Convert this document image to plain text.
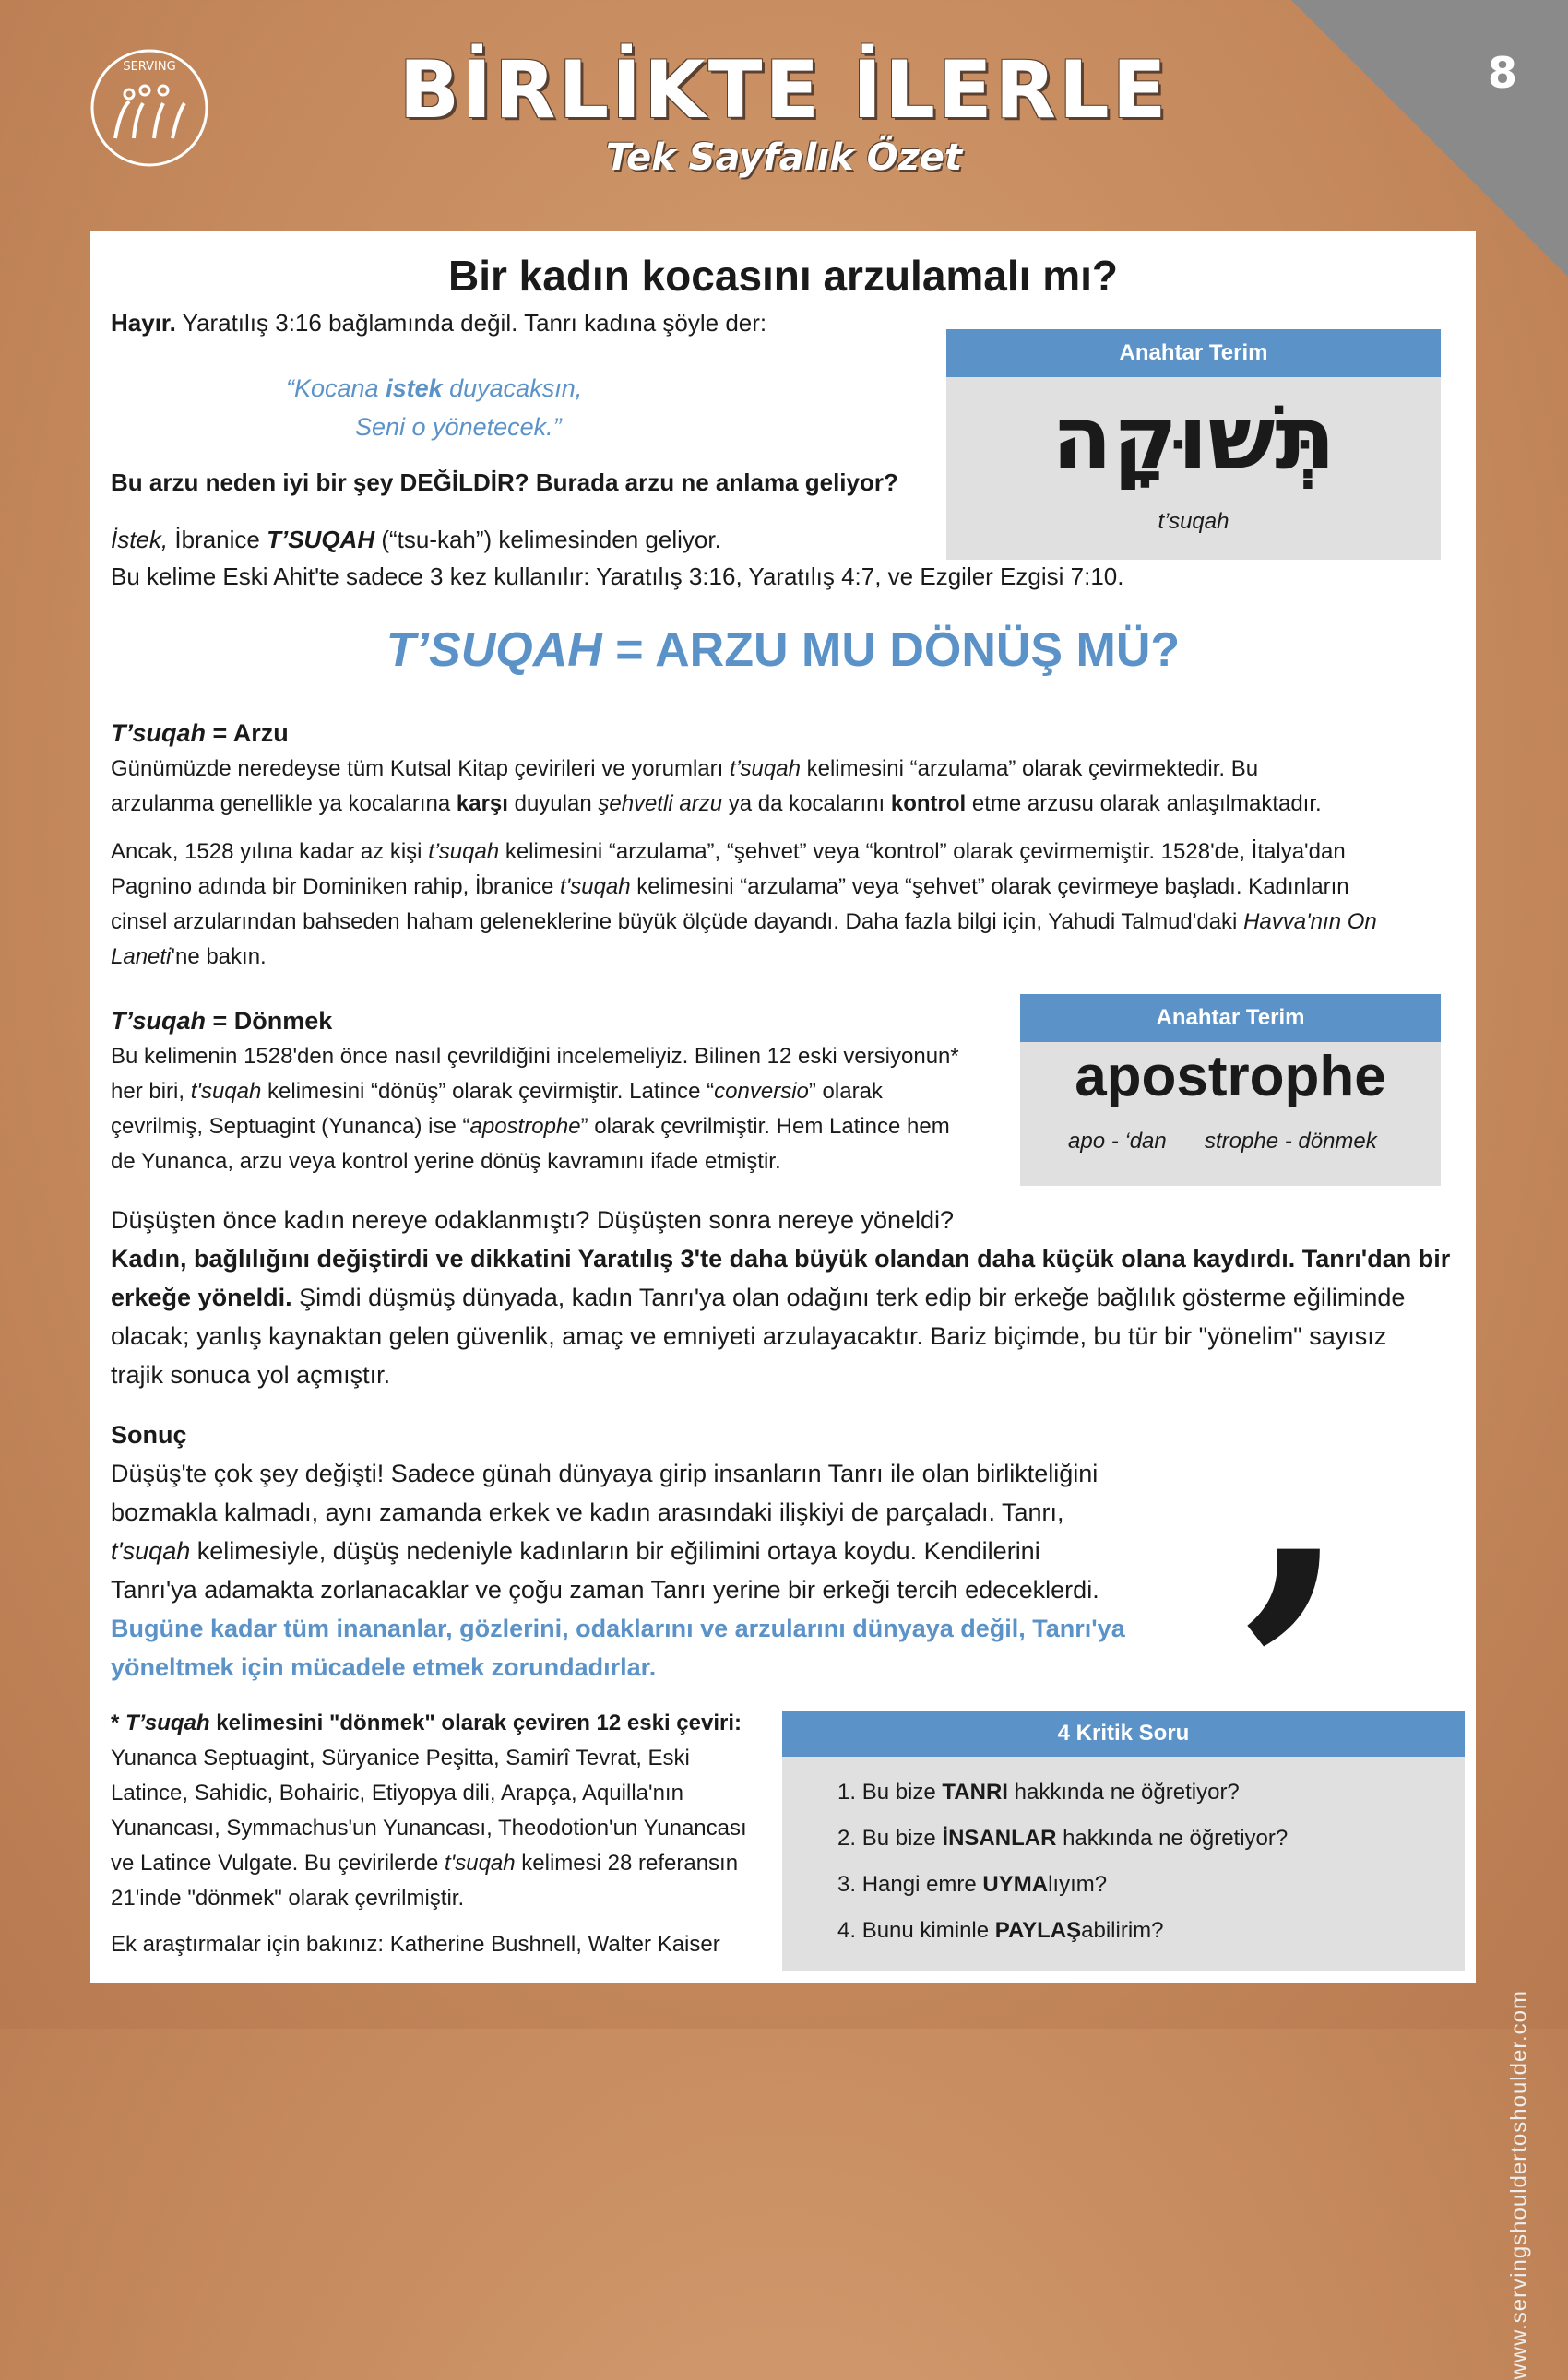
8
SERVING	BİRLİKTE İLERLE
Tek Sayfalık Özet
Bir kadın kocasını arzulamalı mı?
Hayır. Yaratılış 3:16 bağlamında değil. Tanrı kadına şöyle der:
“Kocana istek duyacaksın,
Seni o yönetecek.”
Bu arzu neden iyi bir şey DEĞİLDİR? Burada arzu ne anlama geliyor?
İstek, İbranice T’SUQAH (“tsu-kah”) kelimesinden geliyor.
Bu kelime Eski Ahit'te sadece 3 kez kullanılır: Yaratılış 3:16, Yaratılış 4:7, ve Ezgiler Ezgisi 7:10.
Anahtar Terim
תְּשׁוּקָה
t’suqah
T’SUQAH = ARZU MU DÖNÜŞ MÜ?
T’suqah = Arzu
Günümüzde neredeyse tüm Kutsal Kitap çevirileri ve yorumları t’suqah kelimesini “arzulama” olarak çevirmektedir. Bu
arzulanma genellikle ya kocalarına karşı duyulan şehvetli arzu ya da kocalarını kontrol etme arzusu olarak anlaşılmaktadır.
Ancak, 1528 yılına kadar az kişi t’suqah kelimesini “arzulama”, “şehvet” veya “kontrol” olarak çevirmemiştir. 1528'de, İtalya'dan
Pagnino adında bir Dominiken rahip, İbranice t'suqah kelimesini “arzulama” veya “şehvet” olarak çevirmeye başladı. Kadınların
cinsel arzularından bahseden haham geleneklerine büyük ölçüde dayandı. Daha fazla bilgi için, Yahudi Talmud'daki Havva'nın On
Laneti'ne bakın.
T’suqah = Dönmek
Bu kelimenin 1528'den önce nasıl çevrildiğini incelemeliyiz. Bilinen 12 eski versiyonun*
her biri, t'suqah kelimesini “dönüş” olarak çevirmiştir. Latince “conversio” olarak
çevrilmiş, Septuagint (Yunanca) ise “apostrophe” olarak çevrilmiştir. Hem Latince hem
de Yunanca, arzu veya kontrol yerine dönüş kavramını ifade etmiştir.
Anahtar Terim
apostrophe
apo - ‘dan strophe - dönmek
Düşüşten önce kadın nereye odaklanmıştı? Düşüşten sonra nereye yöneldi?
Kadın, bağlılığını değiştirdi ve dikkatini Yaratılış 3'te daha büyük olandan daha küçük olana kaydırdı. Tanrı'dan bir
erkeğe yöneldi. Şimdi düşmüş dünyada, kadın Tanrı'ya olan odağını terk edip bir erkeğe bağlılık gösterme eğiliminde
olacak; yanlış kaynaktan gelen güvenlik, amaç ve emniyeti arzulayacaktır. Bariz biçimde, bu tür bir "yönelim" sayısız
trajik sonuca yol açmıştır.
Sonuç
Düşüş'te çok şey değişti! Sadece günah dünyaya girip insanların Tanrı ile olan birlikteliğini
bozmakla kalmadı, aynı zamanda erkek ve kadın arasındaki ilişkiyi de parçaladı. Tanrı,
t'suqah kelimesiyle, düşüş nedeniyle kadınların bir eğilimini ortaya koydu. Kendilerini
Tanrı'ya adamakta zorlanacaklar ve çoğu zaman Tanrı yerine bir erkeği tercih edeceklerdi.
Bugüne kadar tüm inananlar, gözlerini, odaklarını ve arzularını dünyaya değil, Tanrı'ya
yöneltmek için mücadele etmek zorundadırlar.	,
* T’suqah kelimesini "dönmek" olarak çeviren 12 eski çeviri:
Yunanca Septuagint, Süryanice Peşitta, Samirî Tevrat, Eski
Latince, Sahidic, Bohairic, Etiyopya dili, Arapça, Aquilla'nın
Yunancası, Symmachus'un Yunancası, Theodotion'un Yunancası
ve Latince Vulgate. Bu çevirilerde t'suqah kelimesi 28 referansın
21'inde "dönmek" olarak çevrilmiştir.
Ek araştırmalar için bakınız: Katherine Bushnell, Walter Kaiser
4 Kritik Soru
1. Bu bize TANRI hakkında ne öğretiyor?
2. Bu bize İNSANLAR hakkında ne öğretiyor?
3. Hangi emre UYMAlıyım?
4. Bunu kiminle PAYLAŞabilirim?
www.servingshouldertoshoulder.com
